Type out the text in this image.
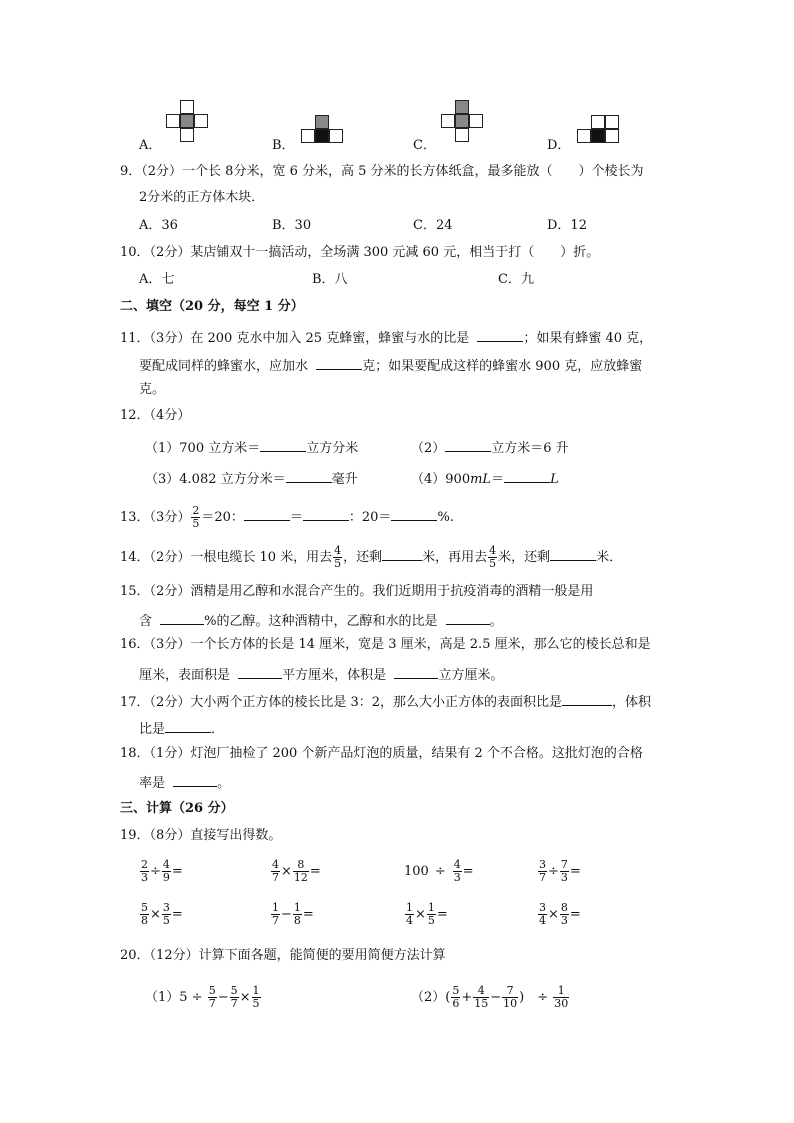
A．	B．	C．	D．
9．（2分）一个长 8分米，宽 6 分米，高 5 分米的长方体纸盒，最多能放（　　）个棱长为
2分米的正方体木块．
A．36	B．30	C．24	D．12
10．（2分）某店铺双十一搞活动，全场满 300 元减 60 元，相当于打（　　）折。
A．七	B．八	C．九
二、填空（20 分，每空 1 分）
11．（3分）在 200 克水中加入 25 克蜂蜜，蜂蜜与水的比是	；如果有蜂蜜 40 克，
要配成同样的蜂蜜水，应加水	克；如果要配成这样的蜂蜜水 900 克，应放蜂蜜
克。
12．（4分）
（1）700 立方米＝	立方分米	（2）	立方米＝6 升
（3）4.082 立方分米＝	毫升	（4）900mL＝	L
13．（3分） $\frac{2}{5} =20$：	＝	：20＝	%.
14．（2分）一根电缆长 10 米，用去 $\frac{4}{5}$ ，还剩	米，再用去 $\frac{4}{5}$ 米，还剩	米．
15．（2分）酒精是用乙醇和水混合产生的。我们近期用于抗疫消毒的酒精一般是用
含	%的乙醇。这种酒精中，乙醇和水的比是	。
16．（3分）一个长方体的长是 14 厘米，宽是 3 厘米，高是 2.5 厘米，那么它的棱长总和是
厘米，表面积是	平方厘米，体积是	立方厘米。
17．（2分）大小两个正方体的棱长比是 3：2，那么大小正方体的表面积比是	，体积
比是	．
18．（1分）灯泡厂抽检了 200 个新产品灯泡的质量，结果有 2 个不合格。这批灯泡的合格
率是	。
三、计算（26 分）
19．（8分）直接写出得数。
$\frac{2}{3} \div \frac{4}{9}$ =	$\frac{4}{7} \times \frac{8}{12}$ =	$100 \div \frac{4}{3}$ =	$\frac{3}{7} \div \frac{7}{3}$ =
$\frac{5}{8} \times \frac{3}{5}$ =	$\frac{1}{7} - \frac{1}{8}$ =	$\frac{1}{4} \times \frac{1}{5}$ =	$\frac{3}{4} \times \frac{8}{3}$ =
20．（12分）计算下面各题，能简便的要用简便方法计算
$(1)5 \div \frac{5}{7} - \frac{5}{7} \times \frac{1}{5}$	$(2)( \frac{5}{6} + \frac{4}{15} - \frac{7}{10}$ )　÷ $\frac{1}{30}$
